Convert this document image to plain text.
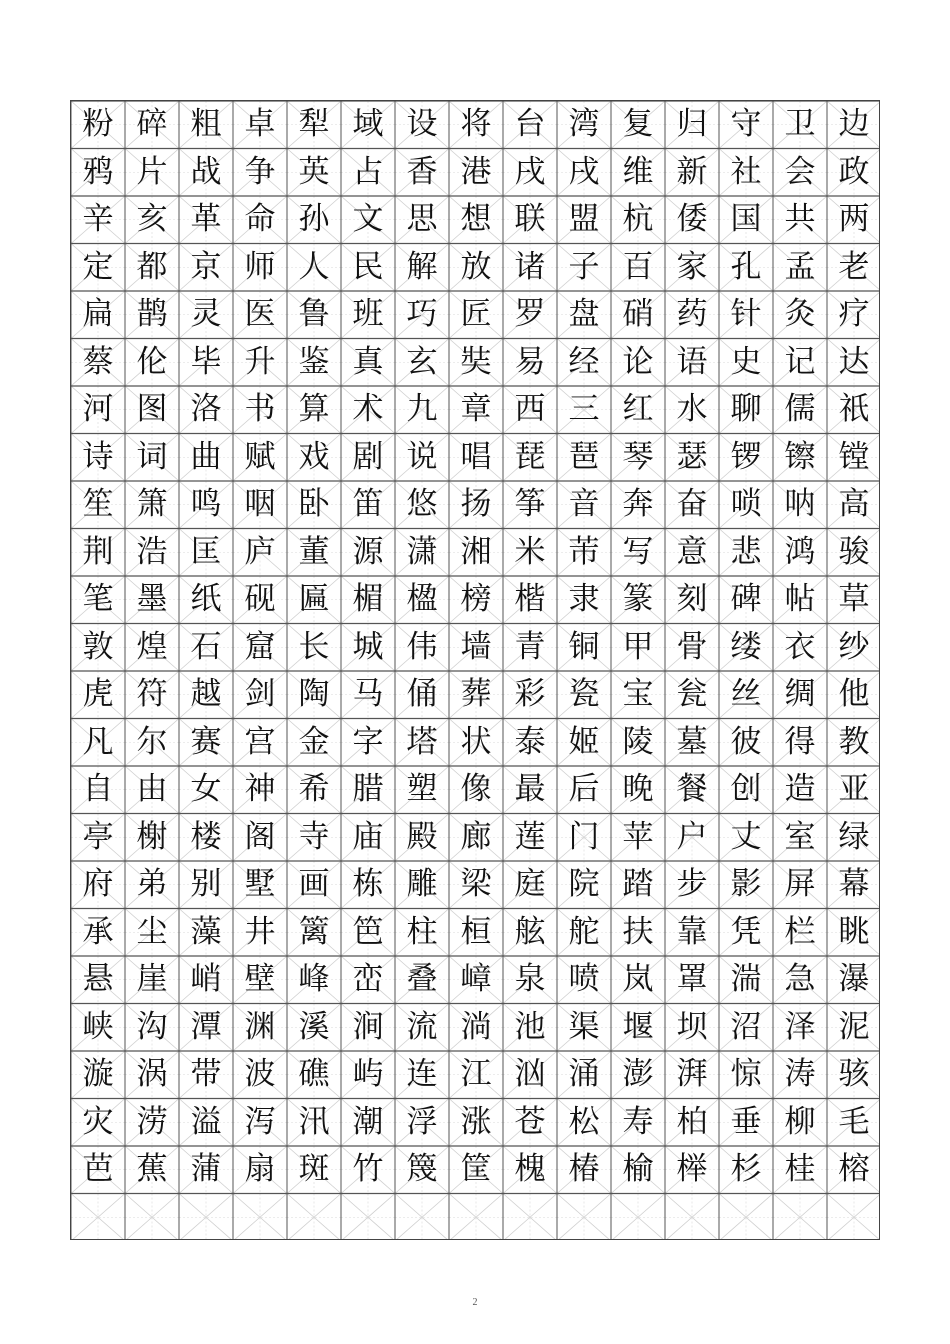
粉 碎 粗 卓 犁 域 设 将 台 湾 复 归 守 卫 边
鸦 片 战 争 英 占 香 港 戌 戌 维 新 社 会 政
辛 亥 革 命 孙 文 思 想 联 盟 杭 倭 国 共 两
定 都 京 师 人 民 解 放 诸 子 百 家 孔 孟 老
扁 鹊 灵 医 鲁 班 巧 匠 罗 盘 硝 药 针 灸 疗
蔡 伦 毕 升 鉴 真 玄 奘 易 经 论 语 史 记 达
河 图 洛 书 算 术 九 章 西 三 红 水 聊 儒 祇
诗 词 曲 赋 戏 剧 说 唱 琵 琶 琴 瑟 锣 镲 镗
笙 箫 鸣 咽 卧 笛 悠 扬 筝 音 奔 奋 唢 呐 高
荆 浩 匡 庐 董 源 潇 湘 米 芾 写 意 悲 鸿 骏
笔 墨 纸 砚 匾 楣 楹 榜 楷 隶 篆 刻 碑 帖 草
敦 煌 石 窟 长 城 伟 墙 青 铜 甲 骨 缕 衣 纱
虎 符 越 剑 陶 马 俑 葬 彩 瓷 宝 瓮 丝 绸 他
凡 尔 赛 宫 金 字 塔 状 泰 姬 陵 墓 彼 得 教
自 由 女 神 希 腊 塑 像 最 后 晚 餐 创 造 亚
亭 榭 楼 阁 寺 庙 殿 廊 莲 门 苹 户 丈 室 绿
府 弟 别 墅 画 栋 雕 梁 庭 院 踏 步 影 屏 幕
承 尘 藻 井 篱 笆 柱 桓 舷 舵 扶 靠 凭 栏 眺
悬 崖 峭 壁 峰 峦 叠 嶂 泉 喷 岚 罩 湍 急 瀑
峡 沟 潭 渊 溪 涧 流 淌 池 渠 堰 坝 沼 泽 泥
漩 涡 带 波 礁 屿 连 江 汹 涌 澎 湃 惊 涛 骇
灾 涝 溢 泻 汛 潮 浮 涨 苍 松 寿 柏 垂 柳 毛
芭 蕉 蒲 扇 斑 竹 篾 筐 槐 椿 榆 榉 杉 桂 榕
2
